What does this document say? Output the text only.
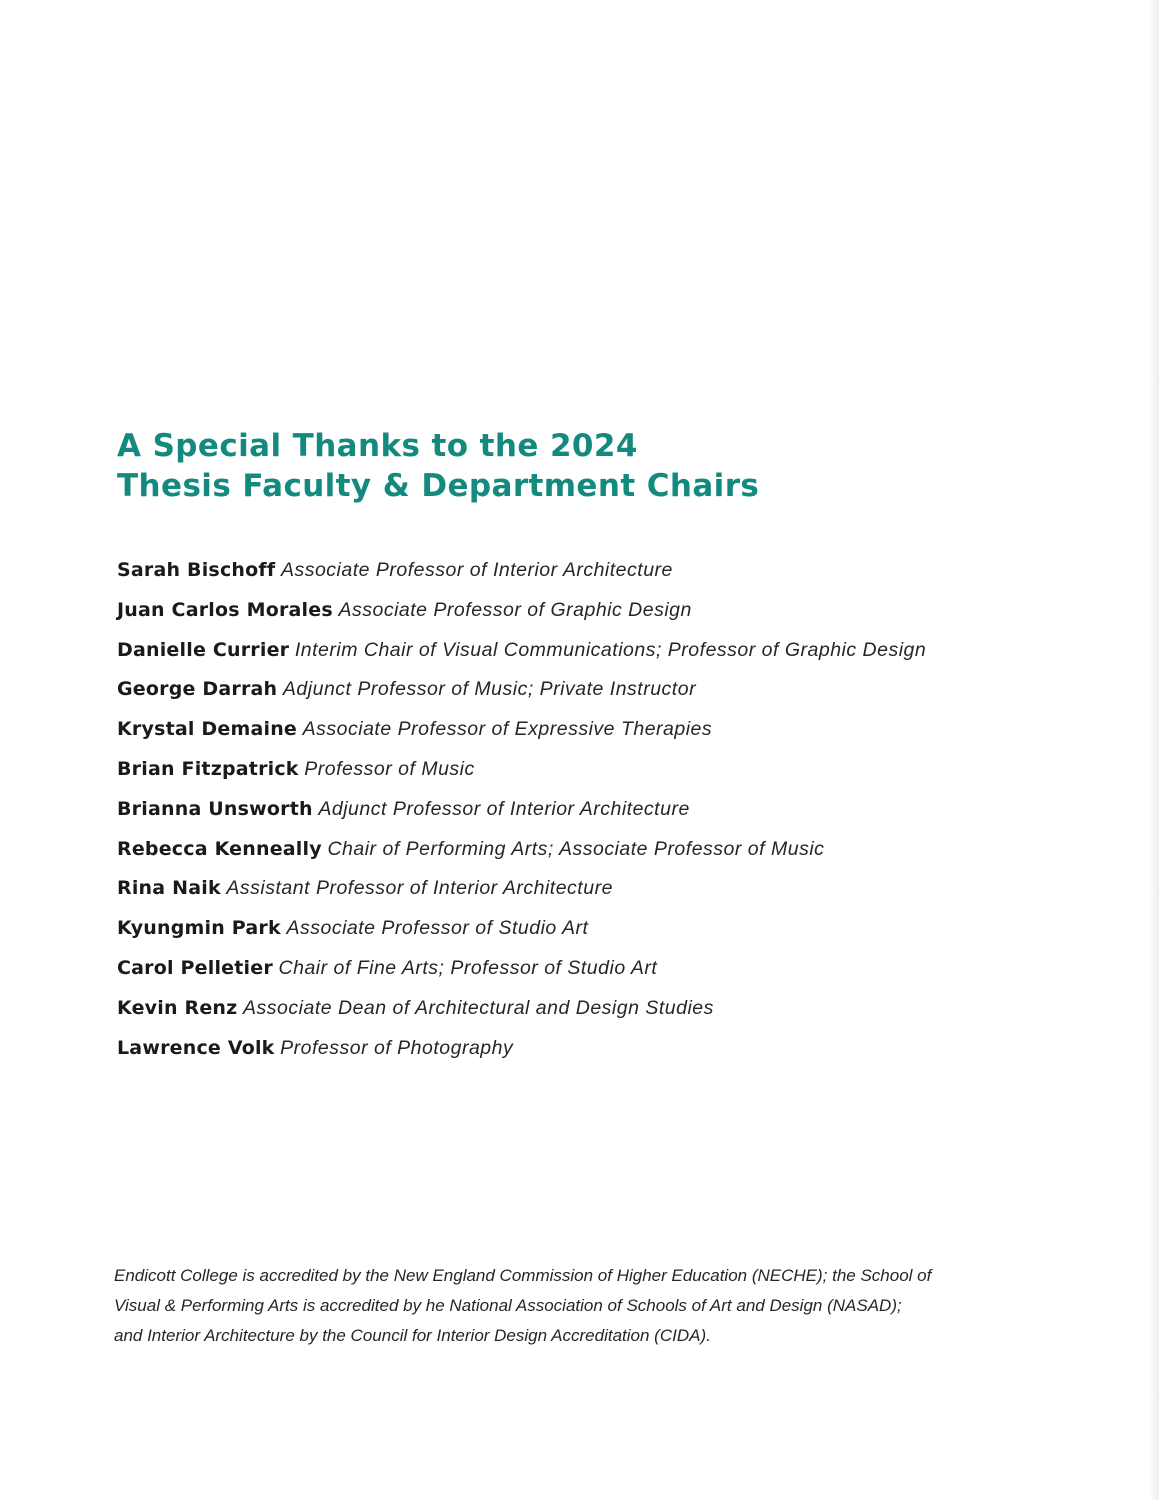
A Special Thanks to the 2024
Thesis Faculty & Department Chairs
Sarah Bischoff Associate Professor of Interior Architecture
Juan Carlos Morales Associate Professor of Graphic Design
Danielle Currier Interim Chair of Visual Communications; Professor of Graphic Design
George Darrah Adjunct Professor of Music; Private Instructor
Krystal Demaine Associate Professor of Expressive Therapies
Brian Fitzpatrick Professor of Music
Brianna Unsworth Adjunct Professor of Interior Architecture
Rebecca Kenneally Chair of Performing Arts; Associate Professor of Music
Rina Naik Assistant Professor of Interior Architecture
Kyungmin Park Associate Professor of Studio Art
Carol Pelletier Chair of Fine Arts; Professor of Studio Art
Kevin Renz Associate Dean of Architectural and Design Studies
Lawrence Volk Professor of Photography

Endicott College is accredited by the New England Commission of Higher Education (NECHE); the School of
Visual & Performing Arts is accredited by he National Association of Schools of Art and Design (NASAD);
and Interior Architecture by the Council for Interior Design Accreditation (CIDA).
